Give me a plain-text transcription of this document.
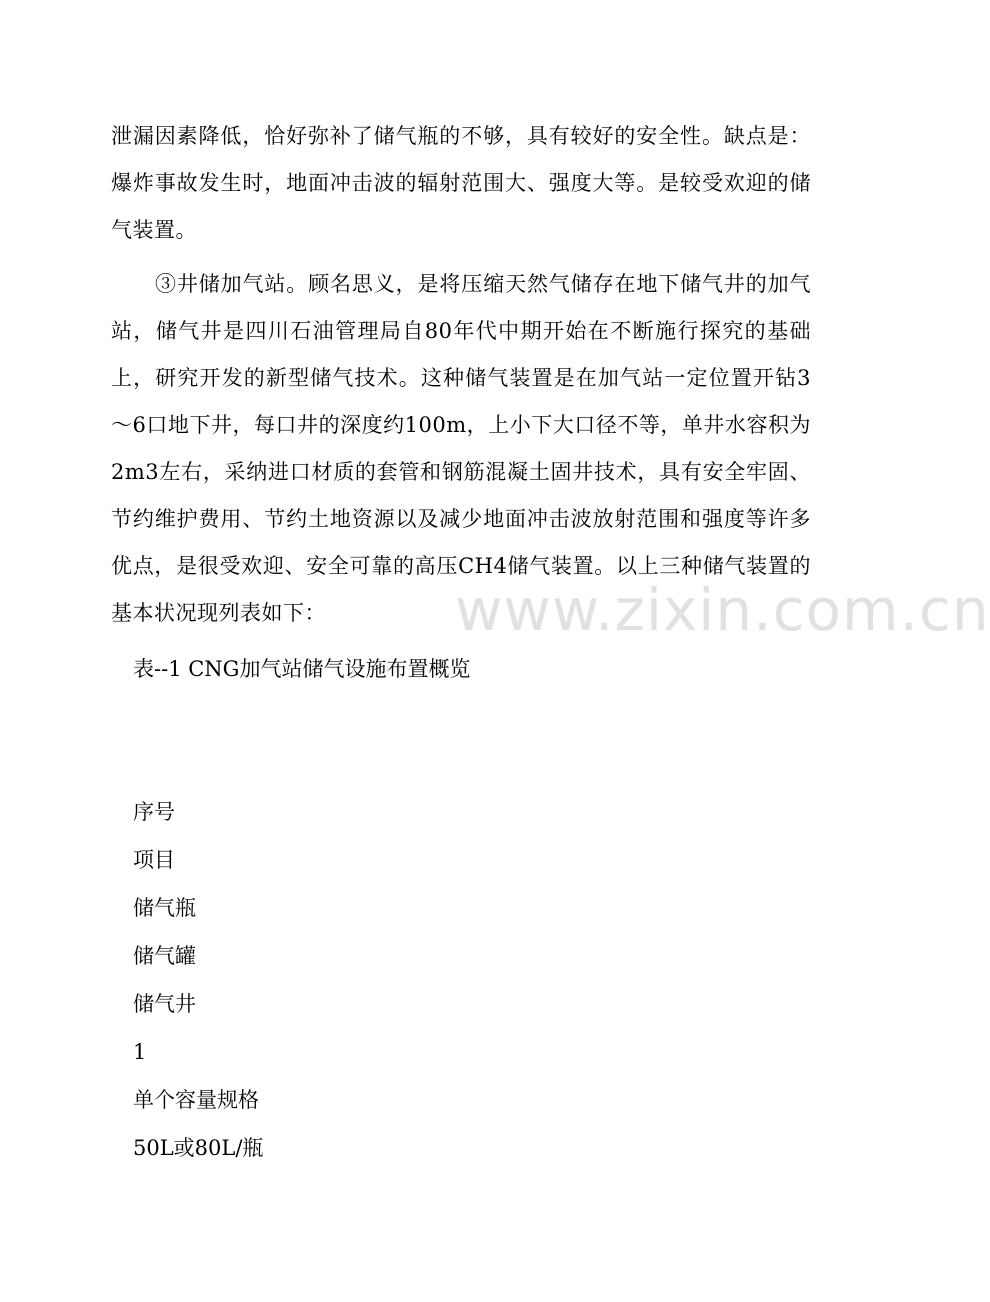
泄漏因素降低，恰好弥补了储气瓶的不够，具有较好的安全性。缺点是：爆炸事故发生时，地面冲击波的辐射范围大、强度大等。是较受欢迎的储气装置。

③井储加气站。顾名思义，是将压缩天然气储存在地下储气井的加气站，储气井是四川石油管理局自80年代中期开始在不断施行探究的基础上，研究开发的新型储气技术。这种储气装置是在加气站一定位置开钻3～6口地下井，每口井的深度约100m，上小下大口径不等，单井水容积为2m3左右，采纳进口材质的套管和钢筋混凝土固井技术，具有安全牢固、节约维护费用、节约土地资源以及减少地面冲击波放射范围和强度等许多优点，是很受欢迎、安全可靠的高压CH4储气装置。以上三种储气装置的基本状况现列表如下：	www.zixin.com.cn

表--1 CNG加气站储气设施布置概览

序号
项目
储气瓶
储气罐
储气井
1
单个容量规格
50L或80L/瓶
